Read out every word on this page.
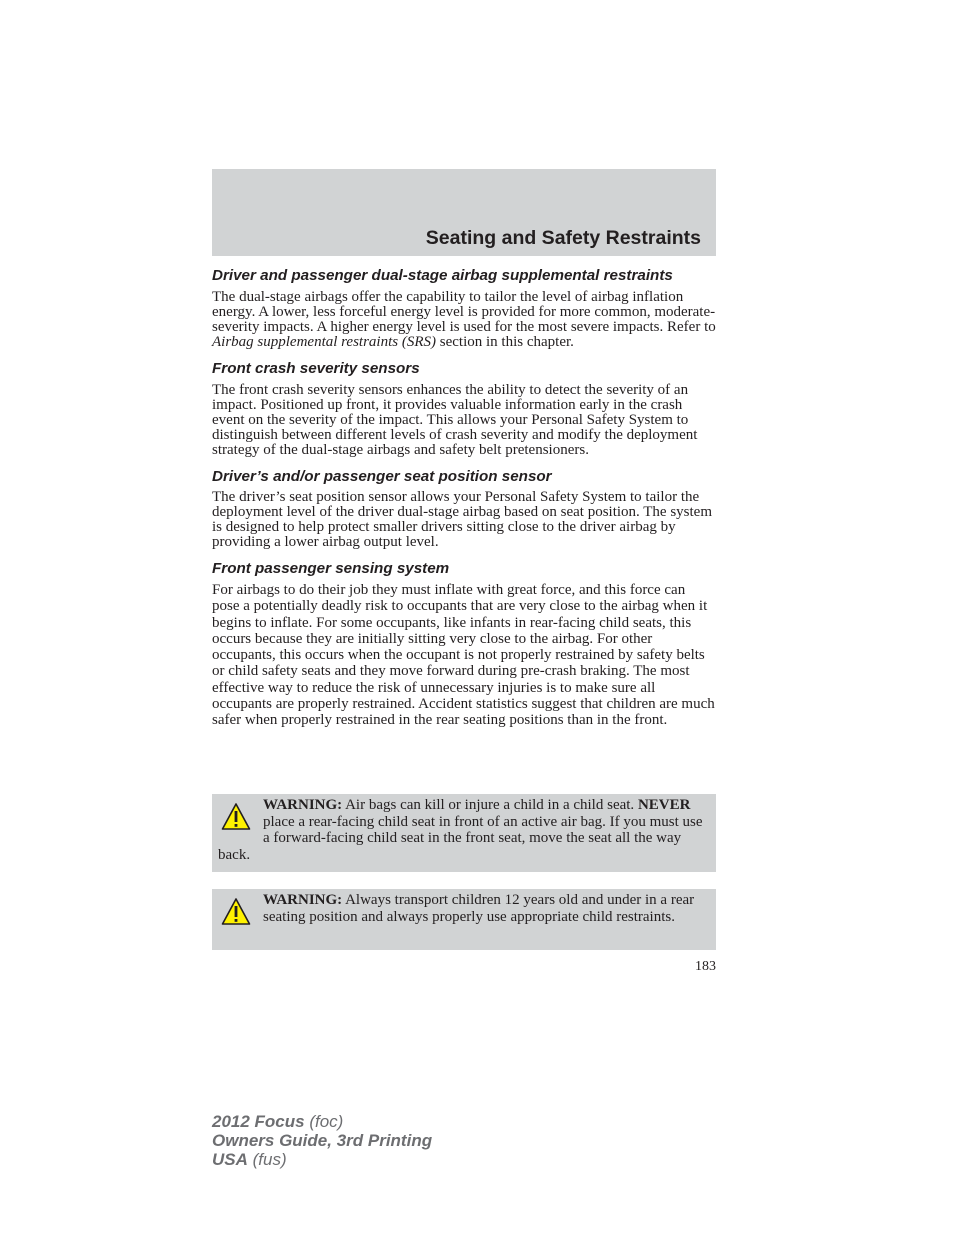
Seating and Safety Restraints
Driver and passenger dual-stage airbag supplemental restraints

The dual-stage airbags offer the capability to tailor the level of airbag inflation energy. A lower, less forceful energy level is provided for more common, moderate-severity impacts. A higher energy level is used for the most severe impacts. Refer to Airbag supplemental restraints (SRS) section in this chapter.

Front crash severity sensors

The front crash severity sensors enhances the ability to detect the severity of an impact. Positioned up front, it provides valuable information early in the crash event on the severity of the impact. This allows your Personal Safety System to distinguish between different levels of crash severity and modify the deployment strategy of the dual-stage airbags and safety belt pretensioners.

Driver’s and/or passenger seat position sensor

The driver’s seat position sensor allows your Personal Safety System to tailor the deployment level of the driver dual-stage airbag based on seat position. The system is designed to help protect smaller drivers sitting close to the driver airbag by providing a lower airbag output level.

Front passenger sensing system

For airbags to do their job they must inflate with great force, and this force can pose a potentially deadly risk to occupants that are very close to the airbag when it begins to inflate. For some occupants, like infants in rear-facing child seats, this occurs because they are initially sitting very close to the airbag. For other occupants, this occurs when the occupant is not properly restrained by safety belts or child safety seats and they move forward during pre-crash braking. The most effective way to reduce the risk of unnecessary injuries is to make sure all occupants are properly restrained. Accident statistics suggest that children are much safer when properly restrained in the rear seating positions than in the front.

WARNING: Air bags can kill or injure a child in a child seat. NEVER place a rear-facing child seat in front of an active air bag. If you must use a forward-facing child seat in the front seat, move the seat all the way back.

WARNING: Always transport children 12 years old and under in a rear seating position and always properly use appropriate child restraints.

183
2012 Focus (foc)
Owners Guide, 3rd Printing
USA (fus)
